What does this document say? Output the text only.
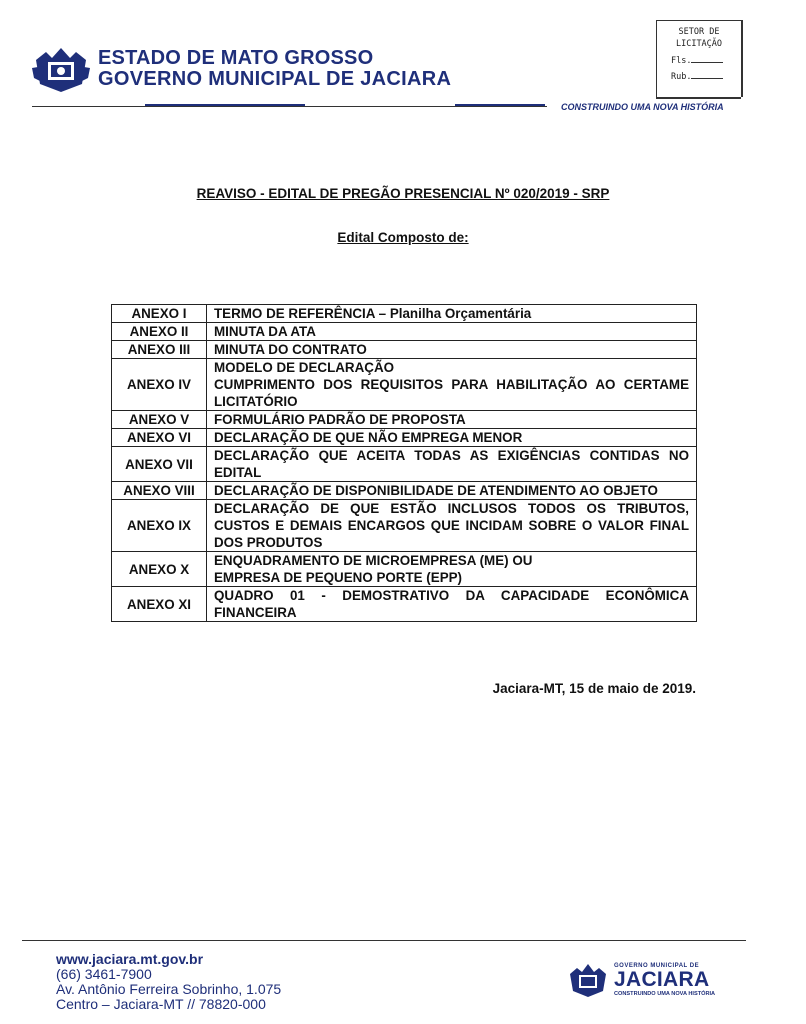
ESTADO DE MATO GROSSO
GOVERNO MUNICIPAL DE JACIARA
CONSTRUINDO UMA NOVA HISTÓRIA
SETOR DE
LICITAÇÃO
Fls.
Rub.
REAVISO - EDITAL DE PREGÃO PRESENCIAL Nº 020/2019 - SRP
Edital Composto de:
ANEXO I	TERMO DE REFERÊNCIA – Planilha Orçamentária

ANEXO II	MINUTA DA ATA

ANEXO III	MINUTA DO CONTRATO

ANEXO IV	MODELO DE DECLARAÇÃO
CUMPRIMENTO DOS REQUISITOS PARA HABILITAÇÃO AO CERTAME LICITATÓRIO

ANEXO V	FORMULÁRIO PADRÃO DE PROPOSTA

ANEXO VI	DECLARAÇÃO DE QUE NÃO EMPREGA MENOR

ANEXO VII	DECLARAÇÃO QUE ACEITA TODAS AS EXIGÊNCIAS CONTIDAS NO EDITAL

ANEXO VIII	DECLARAÇÃO DE DISPONIBILIDADE DE ATENDIMENTO AO OBJETO

ANEXO IX	DECLARAÇÃO DE QUE ESTÃO INCLUSOS TODOS OS TRIBUTOS, CUSTOS E DEMAIS ENCARGOS QUE INCIDAM SOBRE O VALOR FINAL DOS PRODUTOS

ANEXO X	ENQUADRAMENTO DE MICROEMPRESA (ME) OU
EMPRESA DE PEQUENO PORTE (EPP)

ANEXO XI	QUADRO 01 - DEMOSTRATIVO DA CAPACIDADE ECONÔMICA FINANCEIRA
Jaciara-MT, 15 de maio de 2019.
www.jaciara.mt.gov.br
(66) 3461-7900
Av. Antônio Ferreira Sobrinho, 1.075
Centro – Jaciara-MT // 78820-000
GOVERNO MUNICIPAL DE
JACIARA
CONSTRUINDO UMA NOVA HISTÓRIA
